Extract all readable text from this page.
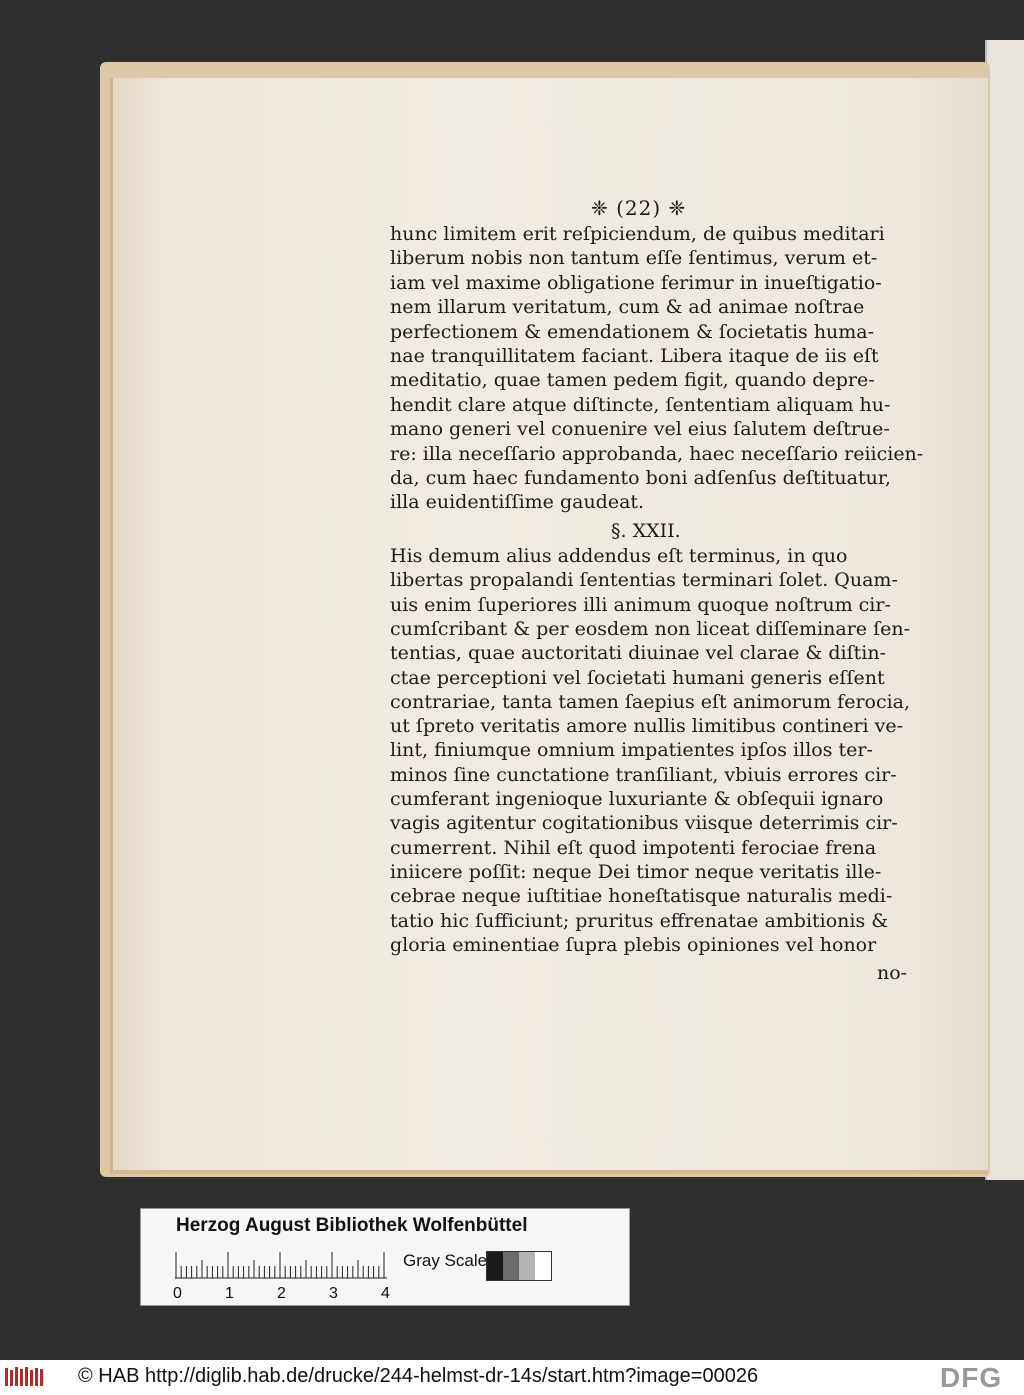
❈ (22) ❈
hunc limitem erit reſpiciendum, de quibus meditari
liberum nobis non tantum eſſe ſentimus, verum et-
iam vel maxime obligatione ferimur in inueſtigatio-
nem illarum veritatum, cum & ad animae noſtrae
perfectionem & emendationem & ſocietatis huma-
nae tranquillitatem faciant. Libera itaque de iis eſt
meditatio, quae tamen pedem figit, quando depre-
hendit clare atque diſtincte, ſententiam aliquam hu-
mano generi vel conuenire vel eius ſalutem deſtrue-
re: illa neceſſario approbanda, haec neceſſario reiicien-
da, cum haec fundamento boni adſenſus deſtituatur,
illa euidentiſſime gaudeat.
His demum alius addendus eſt terminus, in quo
libertas propalandi ſententias terminari ſolet. Quam-
uis enim ſuperiores illi animum quoque noſtrum cir-
cumſcribant & per eosdem non liceat diſſeminare ſen-
tentias, quae auctoritati diuinae vel clarae & diſtin-
ctae perceptioni vel ſocietati humani generis eſſent
contrariae, tanta tamen ſaepius eſt animorum ferocia,
ut ſpreto veritatis amore nullis limitibus contineri ve-
lint, finiumque omnium impatientes ipſos illos ter-
minos ſine cunctatione tranſiliant, vbiuis errores cir-
cumferant ingenioque luxuriante & obſequii ignaro
vagis agitentur cogitationibus viisque deterrimis cir-
cumerrent. Nihil eſt quod impotenti ferociae frena
iniicere poſſit: neque Dei timor neque veritatis ille-
cebrae neque iuſtitiae honeſtatisque naturalis medi-
tatio hic ſufficiunt; pruritus effrenatae ambitionis &
gloria eminentiae ſupra plebis opiniones vel honor
§. XXII.
no-
Herzog August Bibliothek Wolfenbüttel
0	1	2	3	4
Gray Scale
© HAB http://diglib.hab.de/drucke/244-helmst-dr-14s/start.htm?image=00026	DFG
